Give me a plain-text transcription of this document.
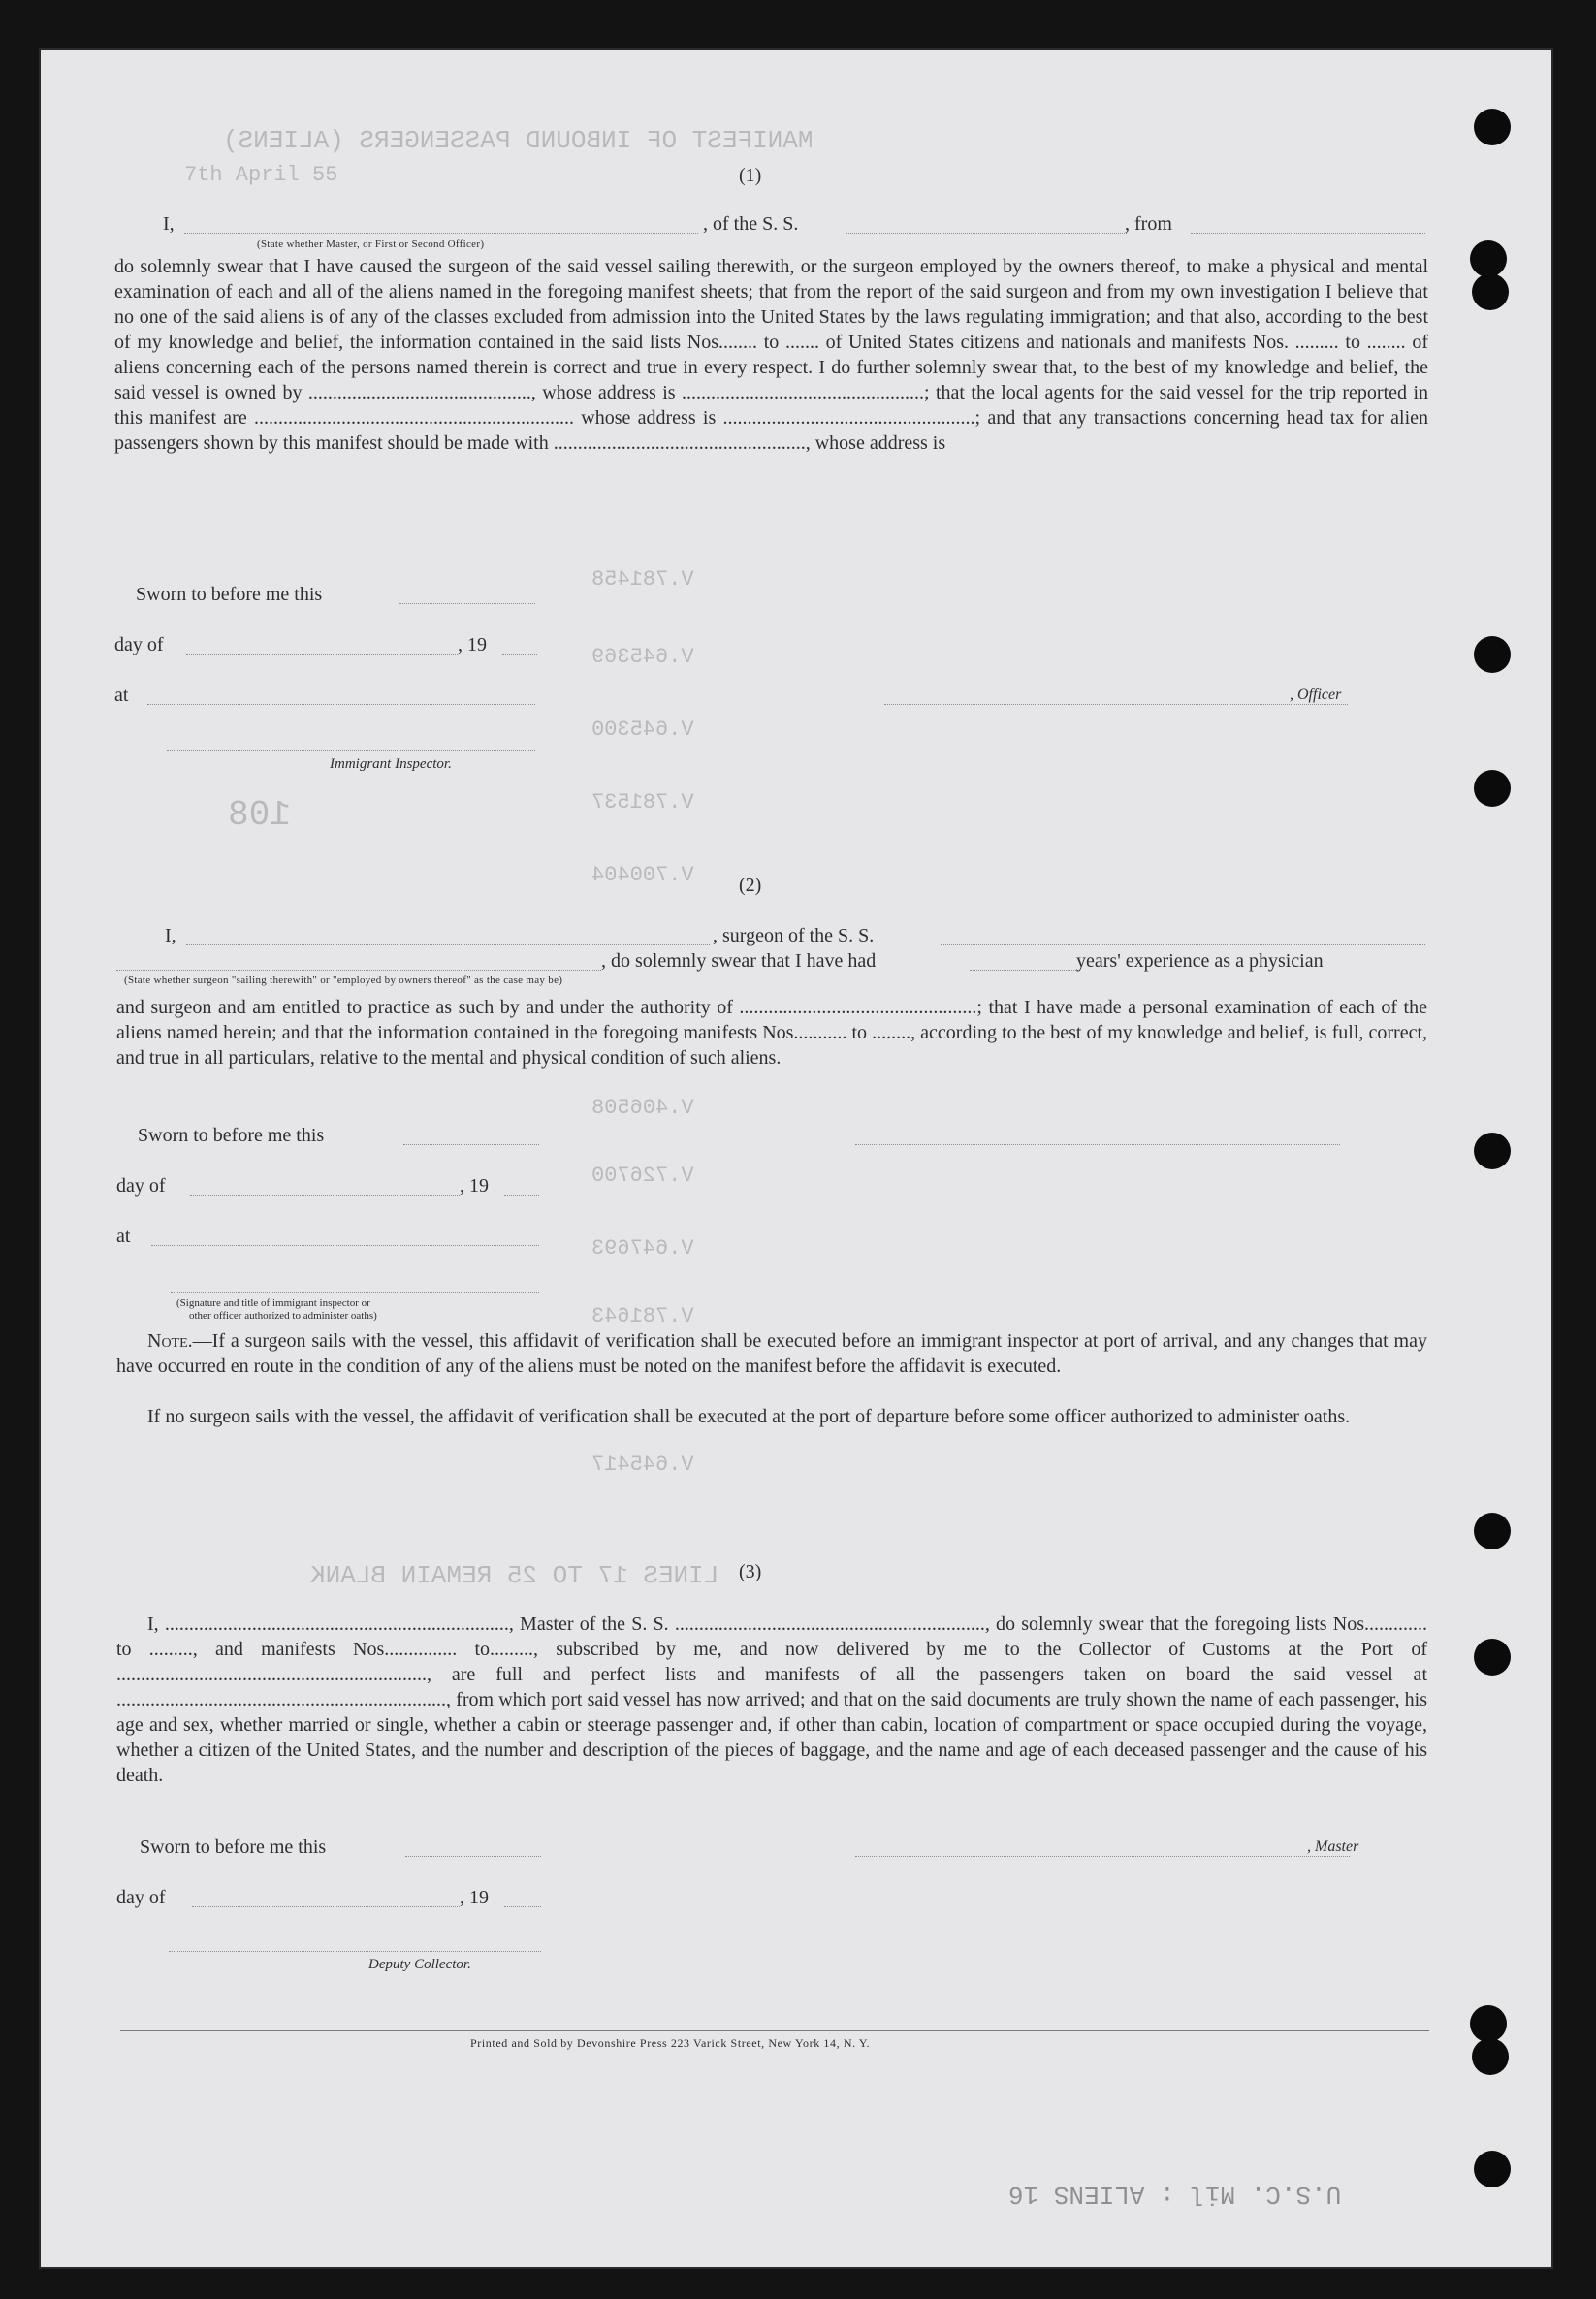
MANIFEST OF INBOUND PASSENGERS (ALIENS)
7th April 55
V.781458
V.645369
V.645300
V.781537
V.700404
V.406508
V.726700
V.647693
V.781643
V.645417
108
LINES 17 TO 25 REMAIN BLANK
U.S.C. Mil : ALIENS 16
(1)
I,
(State whether Master, or First or Second Officer)
, of the S. S.	, from
do solemnly swear that I have caused the surgeon of the said vessel sailing therewith, or the surgeon employed by the owners thereof, to make a physical and mental examination of each and all of the aliens named in the foregoing manifest sheets; that from the report of the said surgeon and from my own investigation I believe that no one of the said aliens is of any of the classes excluded from admission into the United States by the laws regulating immigration; and that also, according to the best of my knowledge and belief, the information contained in the said lists Nos........ to ....... of United States citizens and nationals and manifests Nos. ......... to ........ of aliens concerning each of the persons named therein is correct and true in every respect. I do further solemnly swear that, to the best of my knowledge and belief, the said vessel is owned by .............................................., whose address is ..................................................; that the local agents for the said vessel for the trip reported in this manifest are .................................................................. whose address is ....................................................; and that any transactions concerning head tax for alien passengers shown by this manifest should be made with ...................................................., whose address is
Sworn to before me this
day of	, 19
at	, Officer
Immigrant Inspector.
(2)
I,	, surgeon of the S. S.
, do solemnly swear that I have had	years' experience as a physician
(State whether surgeon "sailing therewith" or "employed by owners thereof" as the case may be)
and surgeon and am entitled to practice as such by and under the authority of .................................................; that I have made a personal examination of each of the aliens named herein; and that the information contained in the foregoing manifests Nos........... to ........, according to the best of my knowledge and belief, is full, correct, and true in all particulars, relative to the mental and physical condition of such aliens.
Sworn to before me this
day of	, 19
at
(Signature and title of immigrant inspector or
other officer authorized to administer oaths)
Note.—If a surgeon sails with the vessel, this affidavit of verification shall be executed before an immigrant inspector at port of arrival, and any changes that may have occurred en route in the condition of any of the aliens must be noted on the manifest before the affidavit is executed.
If no surgeon sails with the vessel, the affidavit of verification shall be executed at the port of departure before some officer authorized to administer oaths.
(3)
I, ......................................................................., Master of the S. S. ................................................................, do solemnly swear that the foregoing lists Nos............. to ........., and manifests Nos............... to........., subscribed by me, and now delivered by me to the Collector of Customs at the Port of ................................................................, are full and perfect lists and manifests of all the passengers taken on board the said vessel at ...................................................................., from which port said vessel has now arrived; and that on the said documents are truly shown the name of each passenger, his age and sex, whether married or single, whether a cabin or steerage passenger and, if other than cabin, location of compartment or space occupied during the voyage, whether a citizen of the United States, and the number and description of the pieces of baggage, and the name and age of each deceased passenger and the cause of his death.
Sworn to before me this	, Master
day of	, 19
Deputy Collector.
Printed and Sold by Devonshire Press 223 Varick Street, New York 14, N. Y.
